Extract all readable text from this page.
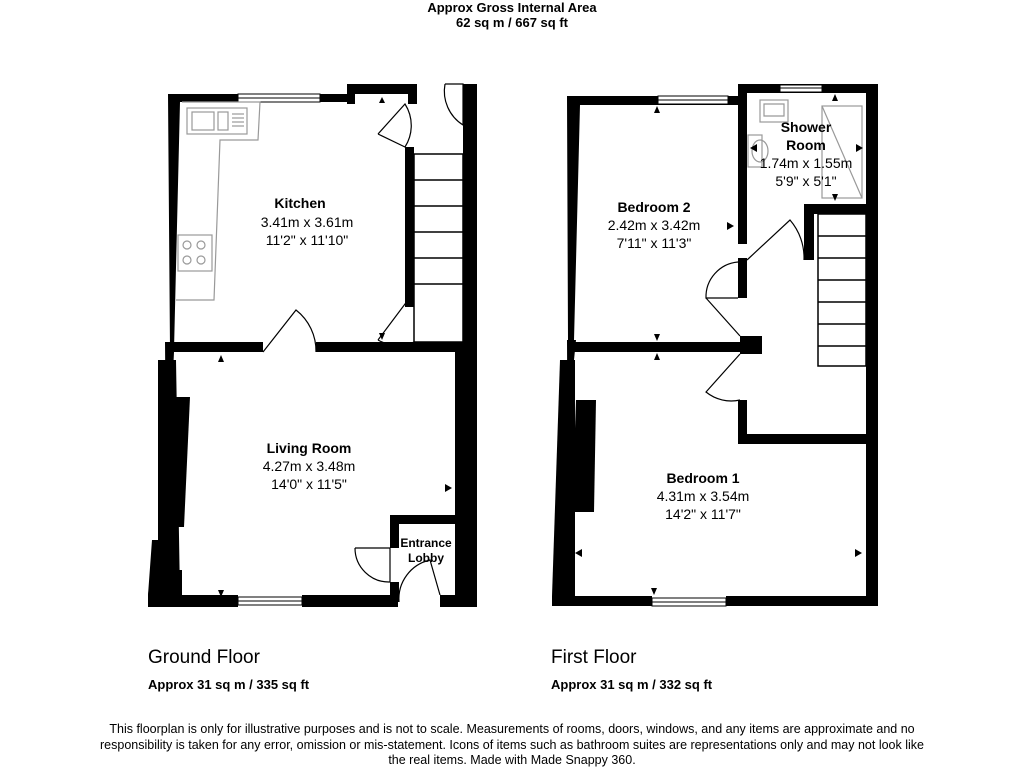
Approx Gross Internal Area
62 sq m / 667 sq ft
Kitchen
3.41m x 3.61m
11'2" x 11'10"
Living Room
4.27m x 3.48m
14'0" x 11'5"
Entrance
Lobby
Bedroom 2
2.42m x 3.42m
7'11" x 11'3"
Shower
Room
1.74m x 1.55m
5'9" x 5'1"
Bedroom 1
4.31m x 3.54m
14'2" x 11'7"
Ground Floor
Approx 31 sq m / 335 sq ft
First Floor
Approx 31 sq m / 332 sq ft
This floorplan is only for illustrative purposes and is not to scale. Measurements of rooms, doors, windows, and any items are approximate and no responsibility is taken for any error, omission or mis-statement. Icons of items such as bathroom suites are representations only and may not look like the real items. Made with Made Snappy 360.
